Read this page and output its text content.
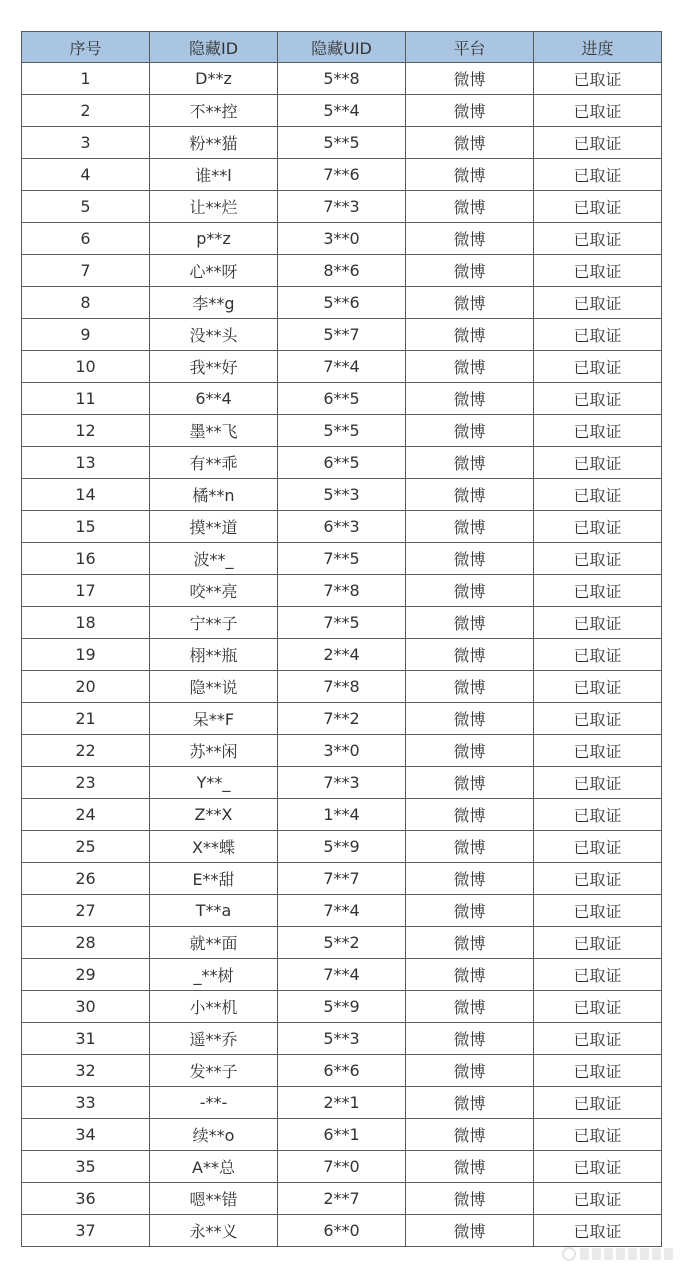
序号	隐藏ID	隐藏UID	平台	进度
1	D**z	5**8	微博	已取证
2	不**控	5**4	微博	已取证
3	粉**猫	5**5	微博	已取证
4	谁**l	7**6	微博	已取证
5	让**烂	7**3	微博	已取证
6	p**z	3**0	微博	已取证
7	心**呀	8**6	微博	已取证
8	李**g	5**6	微博	已取证
9	没**头	5**7	微博	已取证
10	我**好	7**4	微博	已取证
11	6**4	6**5	微博	已取证
12	墨**飞	5**5	微博	已取证
13	有**乖	6**5	微博	已取证
14	橘**n	5**3	微博	已取证
15	摸**道	6**3	微博	已取证
16	波**_	7**5	微博	已取证
17	咬**亮	7**8	微博	已取证
18	宁**子	7**5	微博	已取证
19	栩**瓶	2**4	微博	已取证
20	隐**说	7**8	微博	已取证
21	呆**F	7**2	微博	已取证
22	苏**闲	3**0	微博	已取证
23	Y**_	7**3	微博	已取证
24	Z**X	1**4	微博	已取证
25	X**蝶	5**9	微博	已取证
26	E**甜	7**7	微博	已取证
27	T**a	7**4	微博	已取证
28	就**面	5**2	微博	已取证
29	_**树	7**4	微博	已取证
30	小**机	5**9	微博	已取证
31	遥**乔	5**3	微博	已取证
32	发**子	6**6	微博	已取证
33	-**-	2**1	微博	已取证
34	续**o	6**1	微博	已取证
35	A**总	7**0	微博	已取证
36	嗯**错	2**7	微博	已取证
37	永**义	6**0	微博	已取证
